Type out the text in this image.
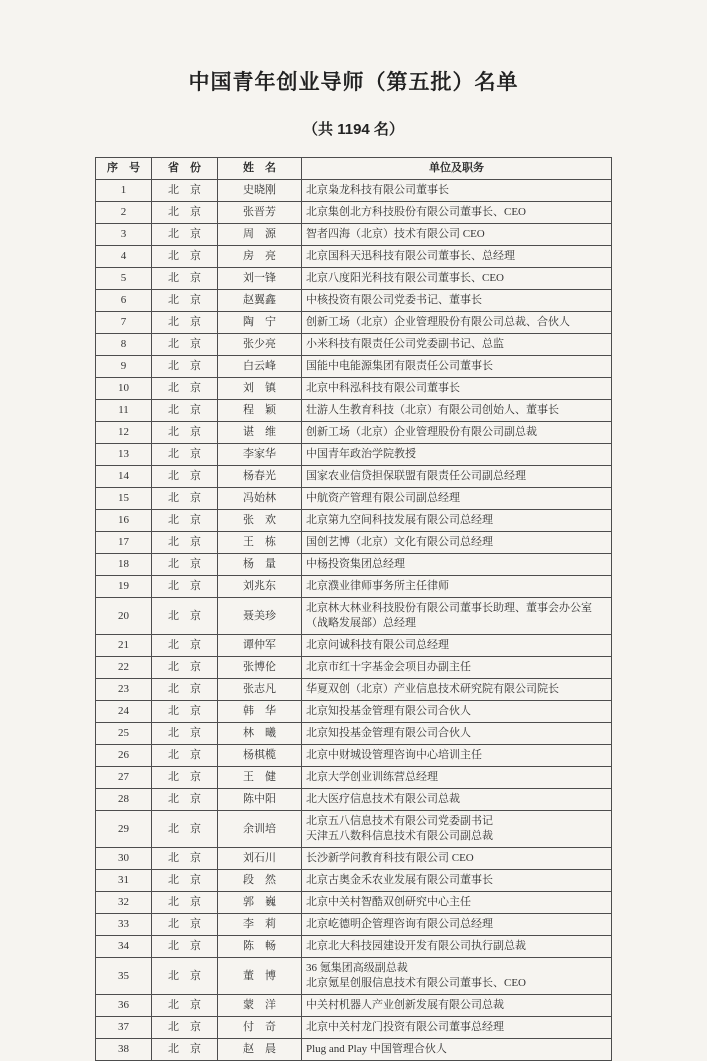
中国青年创业导师（第五批）名单
（共 1194 名）
序　号	省　份	姓　名	单位及职务
1	北　京	史晓刚	北京枭龙科技有限公司董事长

2	北　京	张晋芳	北京集创北方科技股份有限公司董事长、CEO

3	北　京	周　源	智者四海（北京）技术有限公司 CEO

4	北　京	房　亮	北京国科天迅科技有限公司董事长、总经理

5	北　京	刘一锋	北京八度阳光科技有限公司董事长、CEO

6	北　京	赵翼鑫	中核投资有限公司党委书记、董事长

7	北　京	陶　宁	创新工场（北京）企业管理股份有限公司总裁、合伙人

8	北　京	张少亮	小米科技有限责任公司党委副书记、总监

9	北　京	白云峰	国能中电能源集团有限责任公司董事长

10	北　京	刘　镇	北京中科泓科技有限公司董事长

11	北　京	程　颖	壮游人生教育科技（北京）有限公司创始人、董事长

12	北　京	谌　维	创新工场（北京）企业管理股份有限公司副总裁

13	北　京	李家华	中国青年政治学院教授

14	北　京	杨春光	国家农业信贷担保联盟有限责任公司副总经理

15	北　京	冯始林	中航资产管理有限公司副总经理

16	北　京	张　欢	北京第九空间科技发展有限公司总经理

17	北　京	王　栋	国创艺博（北京）文化有限公司总经理

18	北　京	杨　量	中杨投资集团总经理

19	北　京	刘兆东	北京濮业律师事务所主任律师

20	北　京	聂美珍	北京林大林业科技股份有限公司董事长助理、董事会办公室
（战略发展部）总经理

21	北　京	谭仲军	北京问诚科技有限公司总经理

22	北　京	张博伦	北京市红十字基金会项目办副主任

23	北　京	张志凡	华夏双创（北京）产业信息技术研究院有限公司院长

24	北　京	韩　华	北京知投基金管理有限公司合伙人

25	北　京	林　曦	北京知投基金管理有限公司合伙人

26	北　京	杨棋榄	北京中财城设管理咨询中心培训主任

27	北　京	王　健	北京大学创业训练营总经理

28	北　京	陈中阳	北大医疗信息技术有限公司总裁

29	北　京	余训培	北京五八信息技术有限公司党委副书记
天津五八数科信息技术有限公司副总裁

30	北　京	刘石川	长沙新学问教育科技有限公司 CEO

31	北　京	段　然	北京古奥金禾农业发展有限公司董事长

32	北　京	郭　巍	北京中关村智酷双创研究中心主任

33	北　京	李　莉	北京屹德明企管理咨询有限公司总经理

34	北　京	陈　畅	北京北大科技园建设开发有限公司执行副总裁

35	北　京	董　博	36 氪集团高级副总裁
北京氪星创服信息技术有限公司董事长、CEO

36	北　京	蒙　洋	中关村机器人产业创新发展有限公司总裁

37	北　京	付　奇	北京中关村龙门投资有限公司董事总经理

38	北　京	赵　晨	Plug and Play 中国管理合伙人
